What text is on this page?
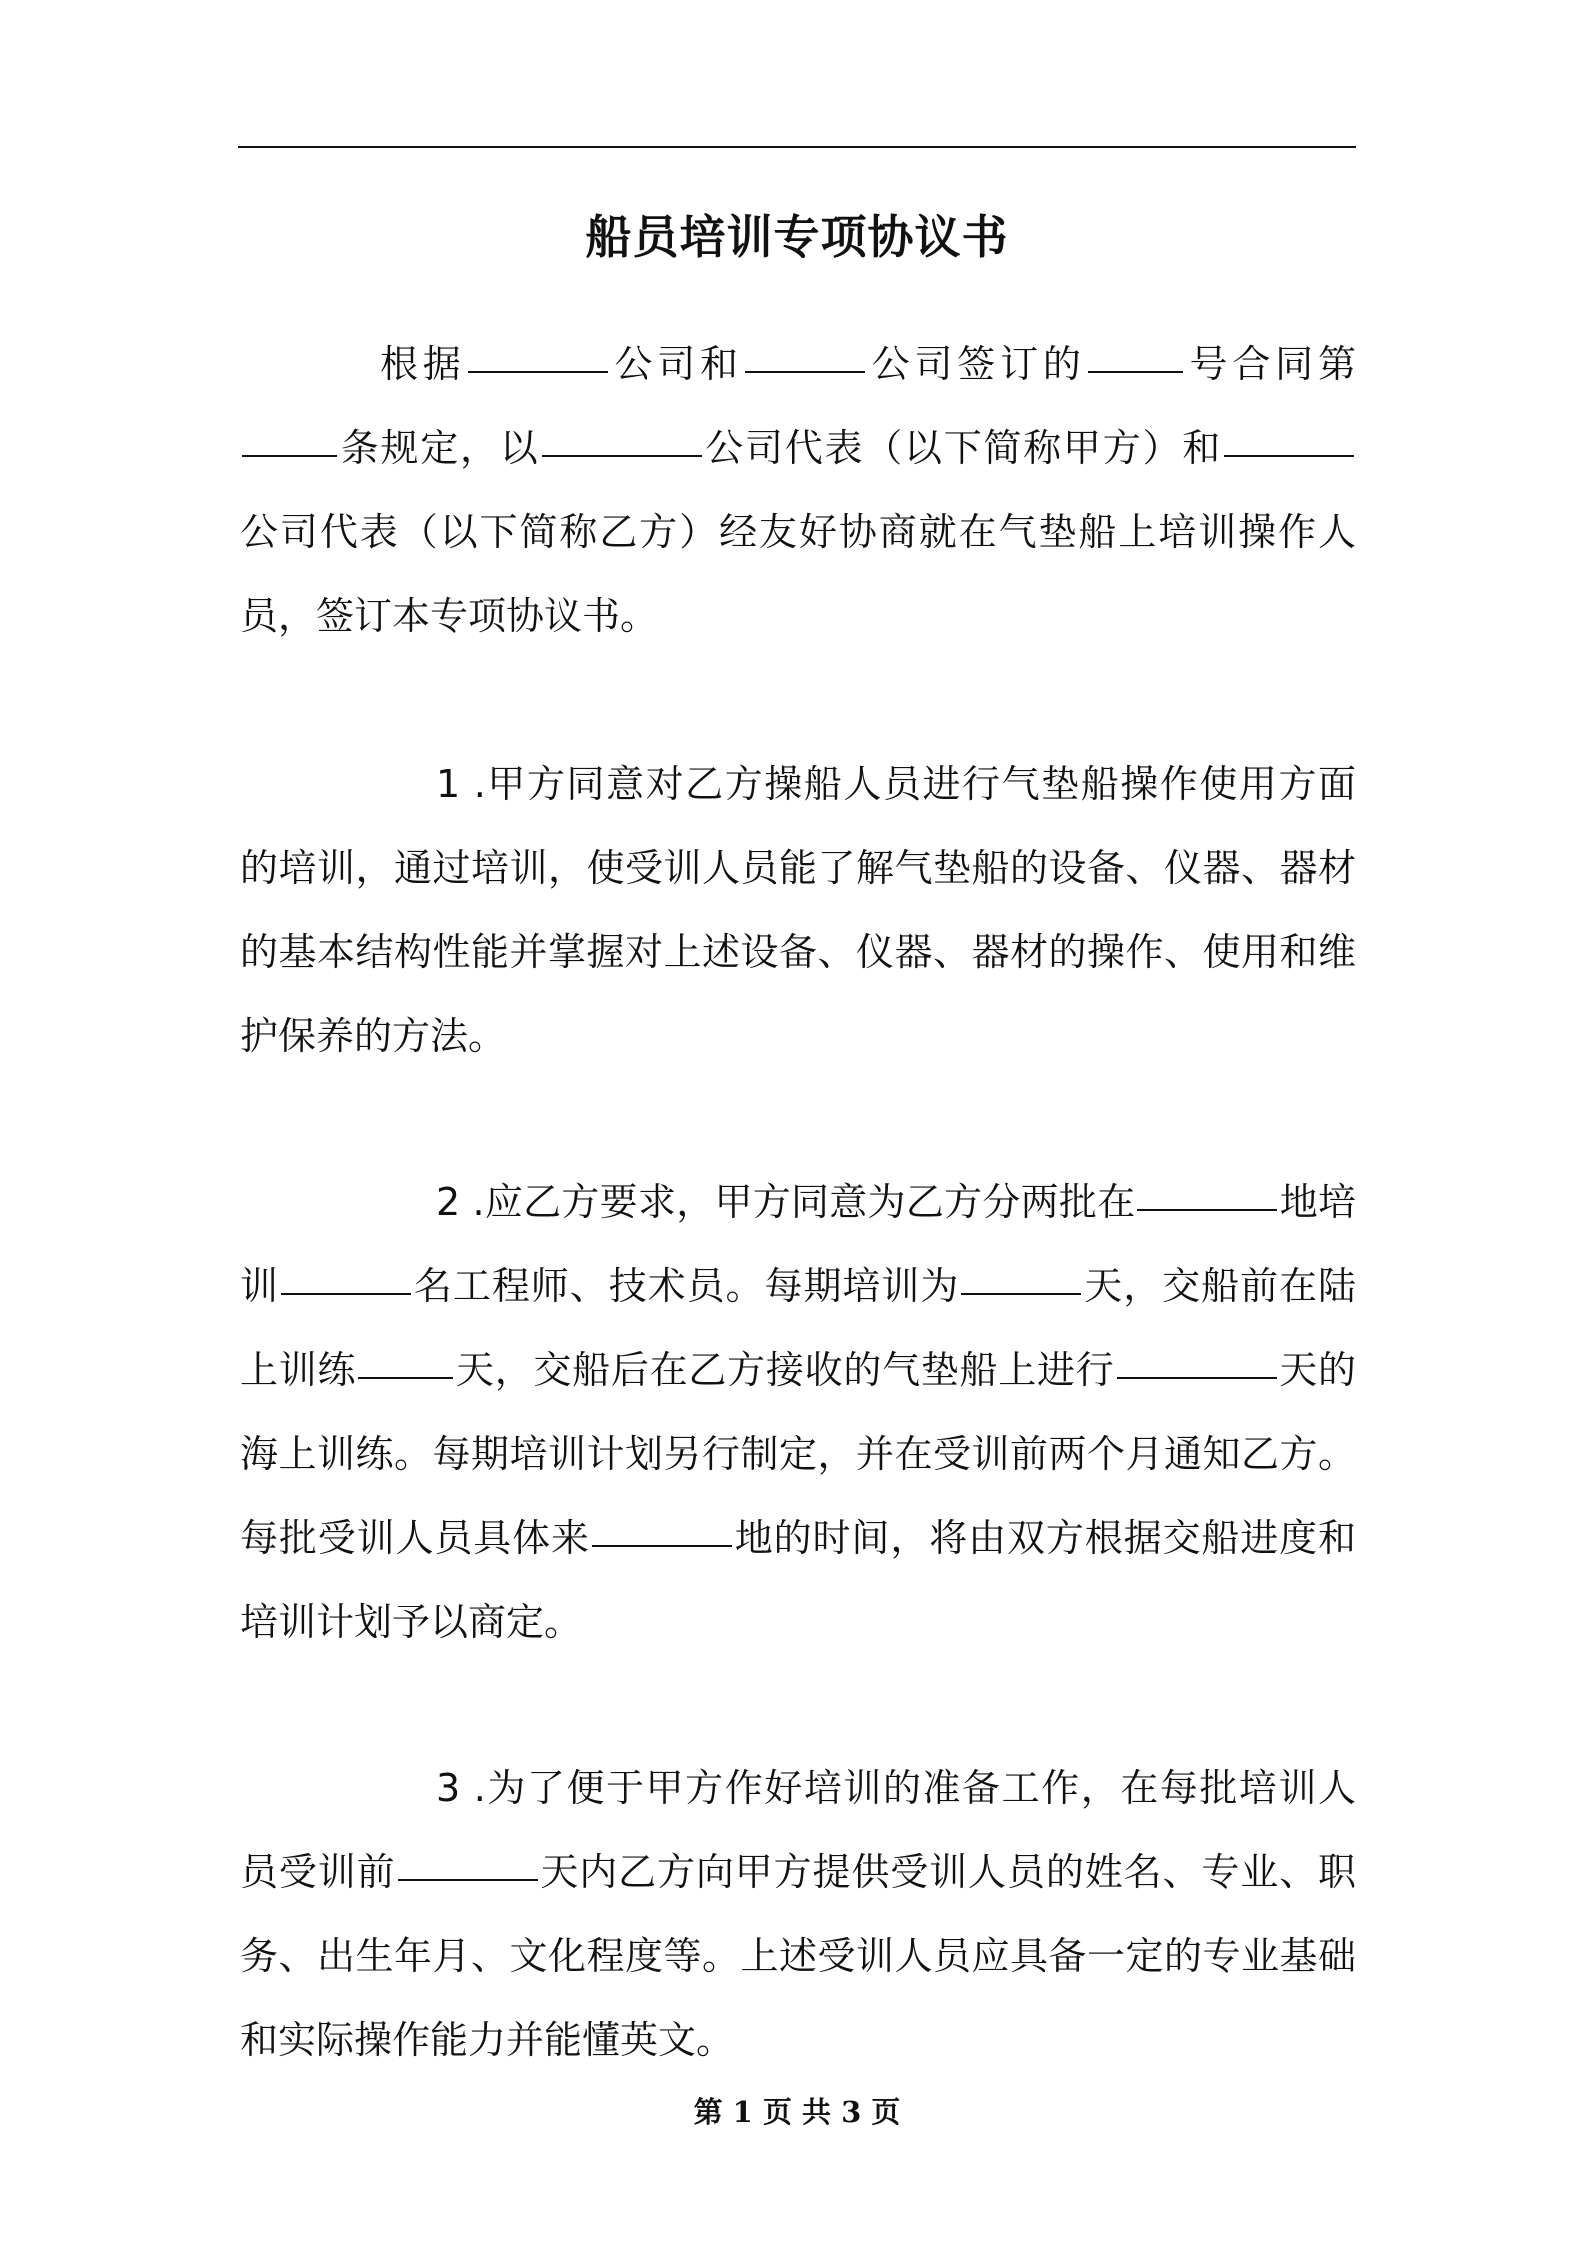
船员培训专项协议书

根据	公司和	公司签订的	号合同第条规定，以	公司代表（以下简称甲方）和公司代表（以下简称乙方）经友好协商就在气垫船上培训操作人员，签订本专项协议书。

1 .甲方同意对乙方操船人员进行气垫船操作使用方面的培训，通过培训，使受训人员能了解气垫船的设备、仪器、器材的基本结构性能并掌握对上述设备、仪器、器材的操作、使用和维护保养的方法。

2 .应乙方要求，甲方同意为乙方分两批在	地培训	名工程师、技术员。每期培训为	天，交船前在陆上训练	天，交船后在乙方接收的气垫船上进行	天的海上训练。每期培训计划另行制定，并在受训前两个月通知乙方。每批受训人员具体来	地的时间，将由双方根据交船进度和培训计划予以商定。

3 .为了便于甲方作好培训的准备工作，在每批培训人员受训前	天内乙方向甲方提供受训人员的姓名、专业、职务、出生年月、文化程度等。上述受训人员应具备一定的专业基础和实际操作能力并能懂英文。

第 1 页 共 3 页
